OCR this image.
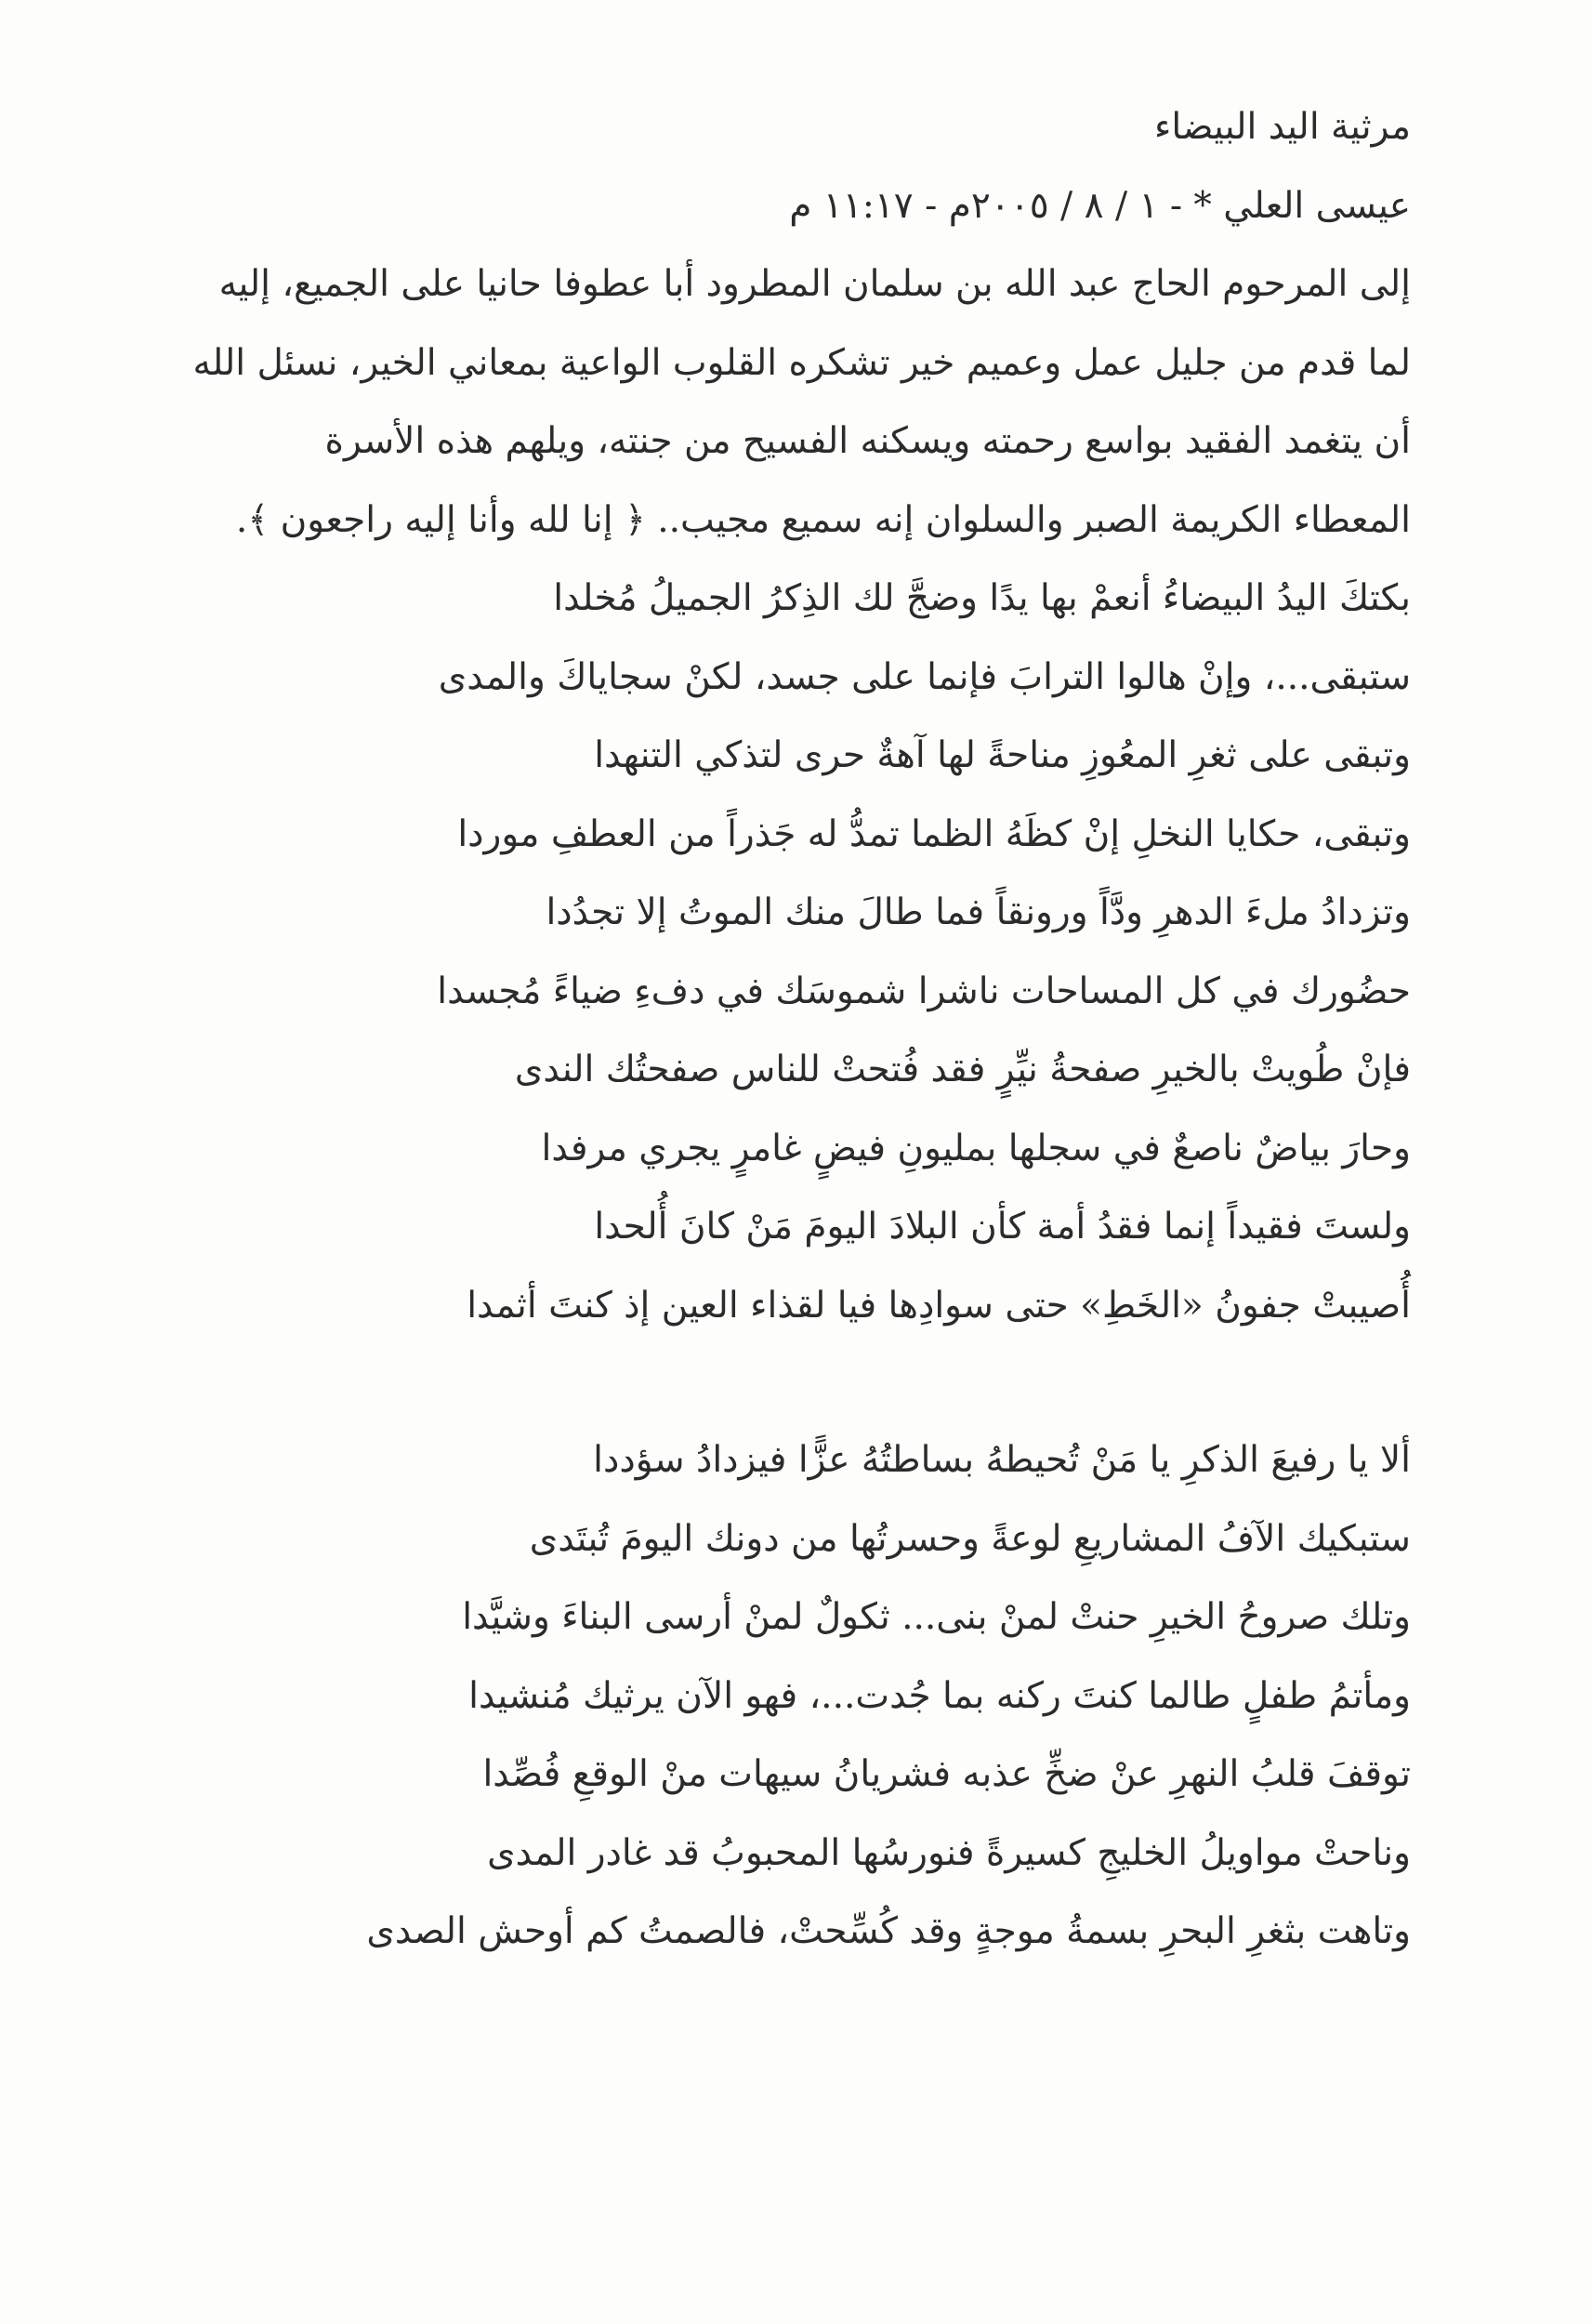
مرثية اليد البيضاء
عيسى العلي * - ١ / ٨ / ٢٠٠٥م - ١١:١٧ م
إلى المرحوم الحاج عبد الله بن سلمان المطرود أبا عطوفا حانيا على الجميع، إليه
لما قدم من جليل عمل وعميم خير تشكره القلوب الواعية بمعاني الخير، نسئل الله
أن يتغمد الفقيد بواسع رحمته ويسكنه الفسيح من جنته، ويلهم هذه الأسرة
المعطاء الكريمة الصبر والسلوان إنه سميع مجيب.. ﴿ إنا لله وأنا إليه راجعون ﴾.
بكتكَ اليدُ البيضاءُ أنعمْ بها يدًا وضجَّ لك الذِكرُ الجميلُ مُخلدا
ستبقى...، وإنْ هالوا الترابَ فإنما على جسد، لكنْ سجاياكَ والمدى
وتبقى على ثغرِ المعُوزِ مناحةً لها آهةٌ حرى لتذكي التنهدا
وتبقى، حكايا النخلِ إنْ كظَهُ الظما تمدُّ له جَذراً من العطفِ موردا
وتزدادُ ملءَ الدهرِ ودَّاً ورونقاً فما طالَ منك الموتُ إلا تجدُدا
حضُورك في كل المساحات ناشرا شموسَك في دفءِ ضياءً مُجسدا
فإنْ طُويتْ بالخيرِ صفحةُ نيِّرٍ فقد فُتحتْ للناس صفحتُك الندى
وحارَ بياضٌ ناصعٌ في سجلها بمليونِ فيضٍ غامرٍ يجري مرفدا
ولستَ فقيداً إنما فقدُ أمة كأن البلادَ اليومَ مَنْ كانَ أُلحدا
أُصيبتْ جفونُ «الخَطِ» حتى سوادِها فيا لقذاء العين إذ كنتَ أثمدا
ألا يا رفيعَ الذكرِ يا مَنْ تُحيطهُ بساطتُهُ عزًّا فيزدادُ سؤددا
ستبكيك الآفُ المشاريعِ لوعةً وحسرتُها من دونك اليومَ تُبتَدى
وتلك صروحُ الخيرِ حنتْ لمنْ بنى... ثكولٌ لمنْ أرسى البناءَ وشيَّدا
ومأتمُ طفلٍ طالما كنتَ ركنه بما جُدت...، فهو الآن يرثيك مُنشيدا
توقفَ قلبُ النهرِ عنْ ضخِّ عذبه فشريانُ سيهات منْ الوقعِ فُصِّدا
وناحتْ مواويلُ الخليجِ كسيرةً فنورسُها المحبوبُ قد غادر المدى
وتاهت بثغرِ البحرِ بسمةُ موجةٍ وقد كُسِّحتْ، فالصمتُ كم أوحش الصدى
